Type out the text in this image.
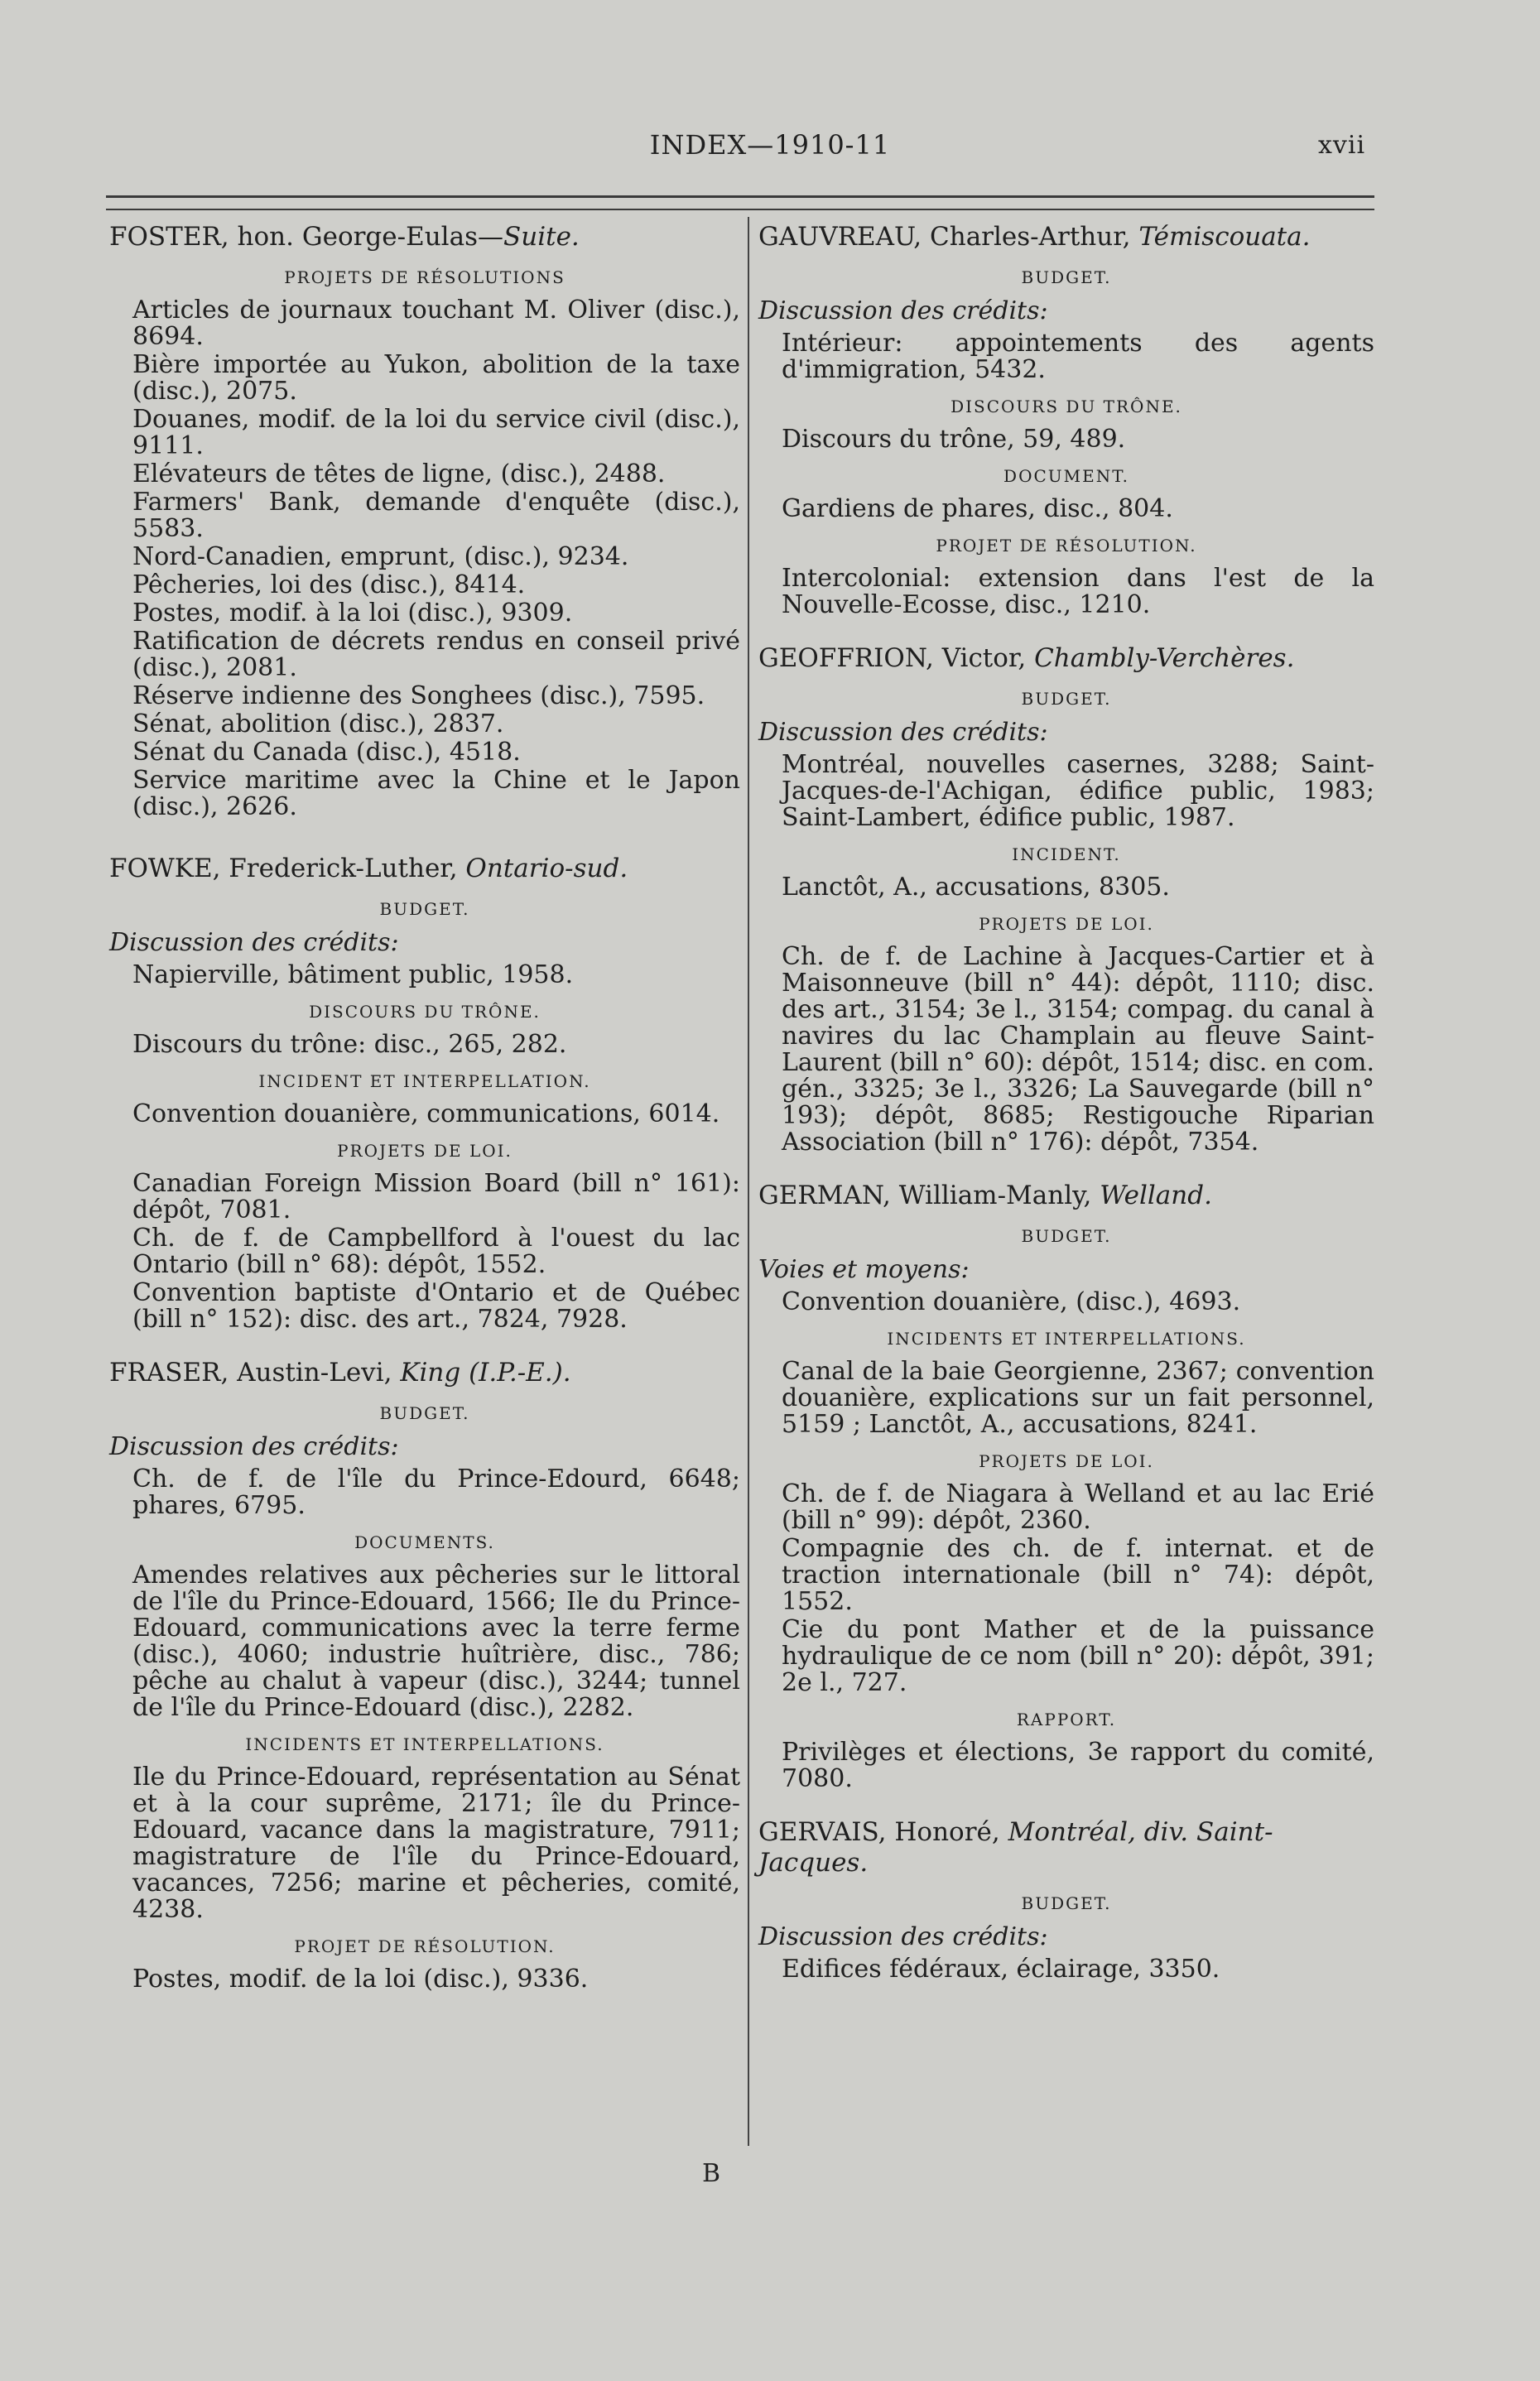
INDEX—1910-11	xvii
FOSTER, hon. George-Eulas—Suite.
PROJETS DE RÉSOLUTIONS
Articles de journaux touchant M. Oliver (disc.), 8694.
Bière importée au Yukon, abolition de la taxe (disc.), 2075.
Douanes, modif. de la loi du service civil (disc.), 9111.
Elévateurs de têtes de ligne, (disc.), 2488.
Farmers' Bank, demande d'enquête (disc.), 5583.
Nord-Canadien, emprunt, (disc.), 9234.
Pêcheries, loi des (disc.), 8414.
Postes, modif. à la loi (disc.), 9309.
Ratification de décrets rendus en conseil privé (disc.), 2081.
Réserve indienne des Songhees (disc.), 7595.
Sénat, abolition (disc.), 2837.
Sénat du Canada (disc.), 4518.
Service maritime avec la Chine et le Japon (disc.), 2626.
FOWKE, Frederick-Luther, Ontario-sud.
BUDGET.
Discussion des crédits:
Napierville, bâtiment public, 1958.
DISCOURS DU TRÔNE.
Discours du trône: disc., 265, 282.
INCIDENT ET INTERPELLATION.
Convention douanière, communications, 6014.
PROJETS DE LOI.
Canadian Foreign Mission Board (bill n° 161): dépôt, 7081.
Ch. de f. de Campbellford à l'ouest du lac Ontario (bill n° 68): dépôt, 1552.
Convention baptiste d'Ontario et de Québec (bill n° 152): disc. des art., 7824, 7928.
FRASER, Austin-Levi, King (I.P.-E.).
BUDGET.
Discussion des crédits:
Ch. de f. de l'île du Prince-Edourd, 6648; phares, 6795.
DOCUMENTS.
Amendes relatives aux pêcheries sur le littoral de l'île du Prince-Edouard, 1566; Ile du Prince-Edouard, communications avec la terre ferme (disc.), 4060; industrie huîtrière, disc., 786; pêche au chalut à vapeur (disc.), 3244; tunnel de l'île du Prince-Edouard (disc.), 2282.
INCIDENTS ET INTERPELLATIONS.
Ile du Prince-Edouard, représentation au Sénat et à la cour suprême, 2171; île du Prince-Edouard, vacance dans la magistrature, 7911; magistrature de l'île du Prince-Edouard, vacances, 7256; marine et pêcheries, comité, 4238.
PROJET DE RÉSOLUTION.
Postes, modif. de la loi (disc.), 9336.
GAUVREAU, Charles-Arthur, Témiscouata.
BUDGET.
Discussion des crédits:
Intérieur: appointements des agents d'immigration, 5432.
DISCOURS DU TRÔNE.
Discours du trône, 59, 489.
DOCUMENT.
Gardiens de phares, disc., 804.
PROJET DE RÉSOLUTION.
Intercolonial: extension dans l'est de la Nouvelle-Ecosse, disc., 1210.
GEOFFRION, Victor, Chambly-Verchères.
BUDGET.
Discussion des crédits:
Montréal, nouvelles casernes, 3288; Saint-Jacques-de-l'Achigan, édifice public, 1983; Saint-Lambert, édifice public, 1987.
INCIDENT.
Lanctôt, A., accusations, 8305.
PROJETS DE LOI.
Ch. de f. de Lachine à Jacques-Cartier et à Maisonneuve (bill n° 44): dépôt, 1110; disc. des art., 3154; 3e l., 3154; compag. du canal à navires du lac Champlain au fleuve Saint-Laurent (bill n° 60): dépôt, 1514; disc. en com. gén., 3325; 3e l., 3326; La Sauvegarde (bill n° 193); dépôt, 8685; Restigouche Riparian Association (bill n° 176): dépôt, 7354.
GERMAN, William-Manly, Welland.
BUDGET.
Voies et moyens:
Convention douanière, (disc.), 4693.
INCIDENTS ET INTERPELLATIONS.
Canal de la baie Georgienne, 2367; convention douanière, explications sur un fait personnel, 5159 ; Lanctôt, A., accusations, 8241.
PROJETS DE LOI.
Ch. de f. de Niagara à Welland et au lac Erié (bill n° 99): dépôt, 2360.
Compagnie des ch. de f. internat. et de traction internationale (bill n° 74): dépôt, 1552.
Cie du pont Mather et de la puissance hydraulique de ce nom (bill n° 20): dépôt, 391; 2e l., 727.
RAPPORT.
Privilèges et élections, 3e rapport du comité, 7080.
GERVAIS, Honoré, Montréal, div. Saint-Jacques.
BUDGET.
Discussion des crédits:
Edifices fédéraux, éclairage, 3350.
B
